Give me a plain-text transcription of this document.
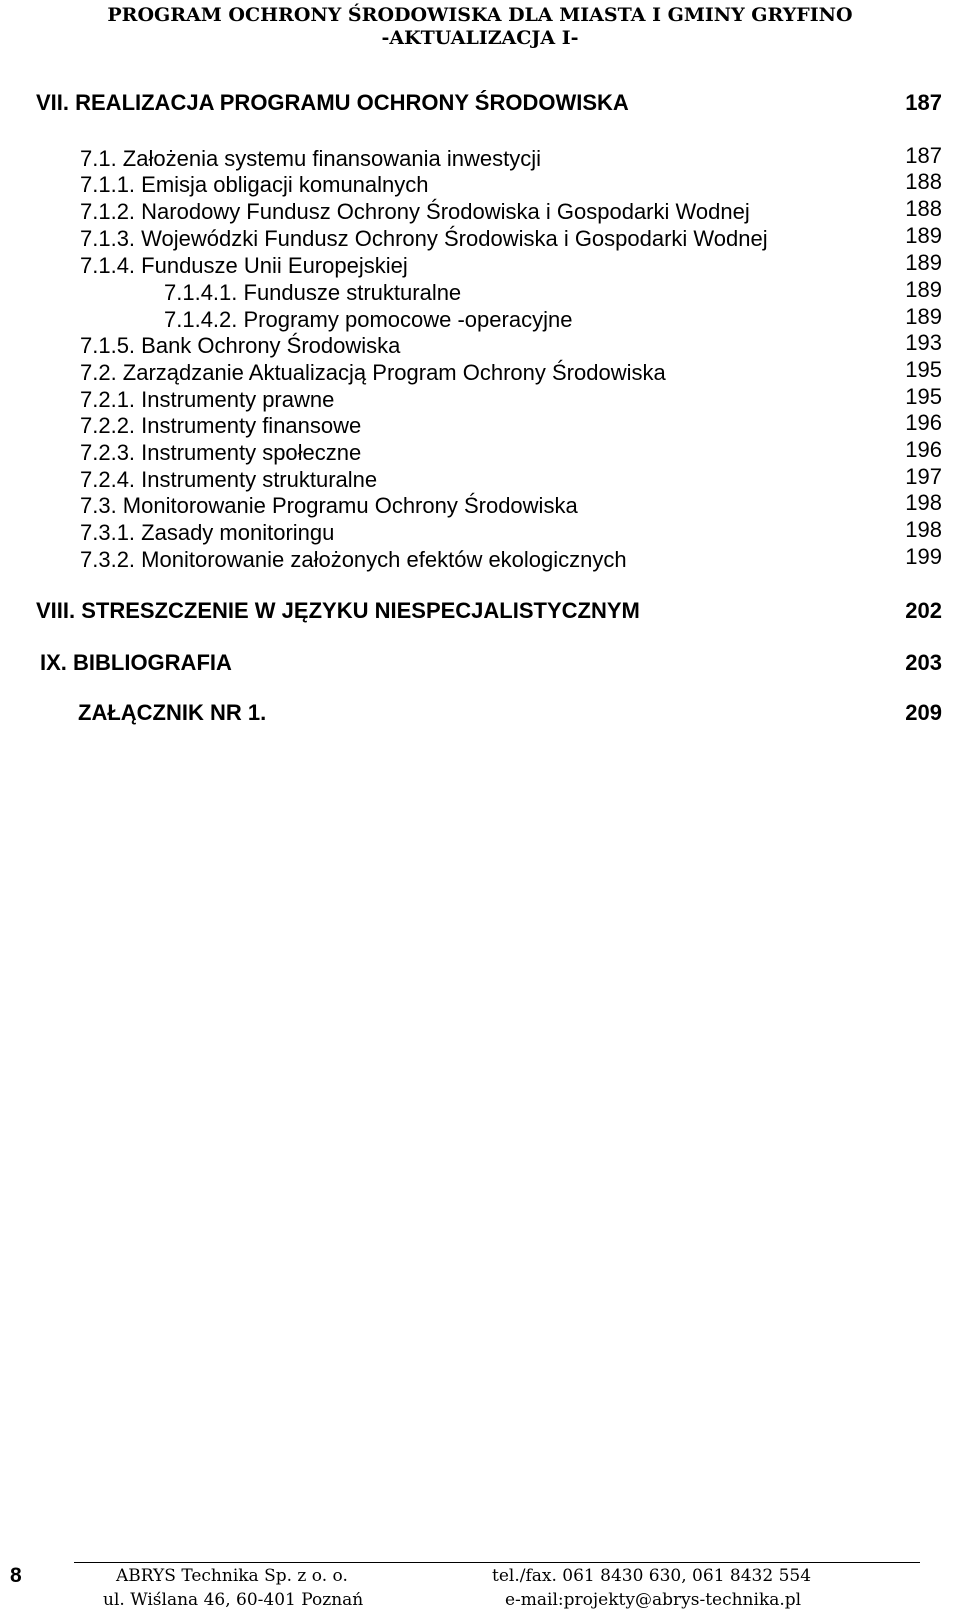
PROGRAM OCHRONY ŚRODOWISKA DLA MIASTA I GMINY GRYFINO
-AKTUALIZACJA I-
VII. REALIZACJA PROGRAMU OCHRONY ŚRODOWISKA	187
7.1. Założenia systemu finansowania inwestycji	187
7.1.1. Emisja obligacji komunalnych	188
7.1.2. Narodowy Fundusz Ochrony Środowiska i Gospodarki Wodnej	188
7.1.3. Wojewódzki Fundusz Ochrony Środowiska i Gospodarki Wodnej	189
7.1.4. Fundusze Unii Europejskiej	189
7.1.4.1. Fundusze strukturalne	189
7.1.4.2. Programy pomocowe -operacyjne	189
7.1.5. Bank Ochrony Środowiska	193
7.2. Zarządzanie Aktualizacją Program Ochrony Środowiska	195
7.2.1. Instrumenty prawne	195
7.2.2. Instrumenty finansowe	196
7.2.3. Instrumenty społeczne	196
7.2.4. Instrumenty strukturalne	197
7.3. Monitorowanie Programu Ochrony Środowiska	198
7.3.1. Zasady monitoringu	198
7.3.2. Monitorowanie założonych efektów ekologicznych	199
VIII. STRESZCZENIE W JĘZYKU NIESPECJALISTYCZNYM	202
IX. BIBLIOGRAFIA	203
ZAŁĄCZNIK NR 1.	209
8	ABRYS Technika Sp. z o. o.
ul. Wiślana 46, 60-401 Poznań
tel./fax. 061 8430 630, 061 8432 554
e-mail:projekty@abrys-technika.pl
